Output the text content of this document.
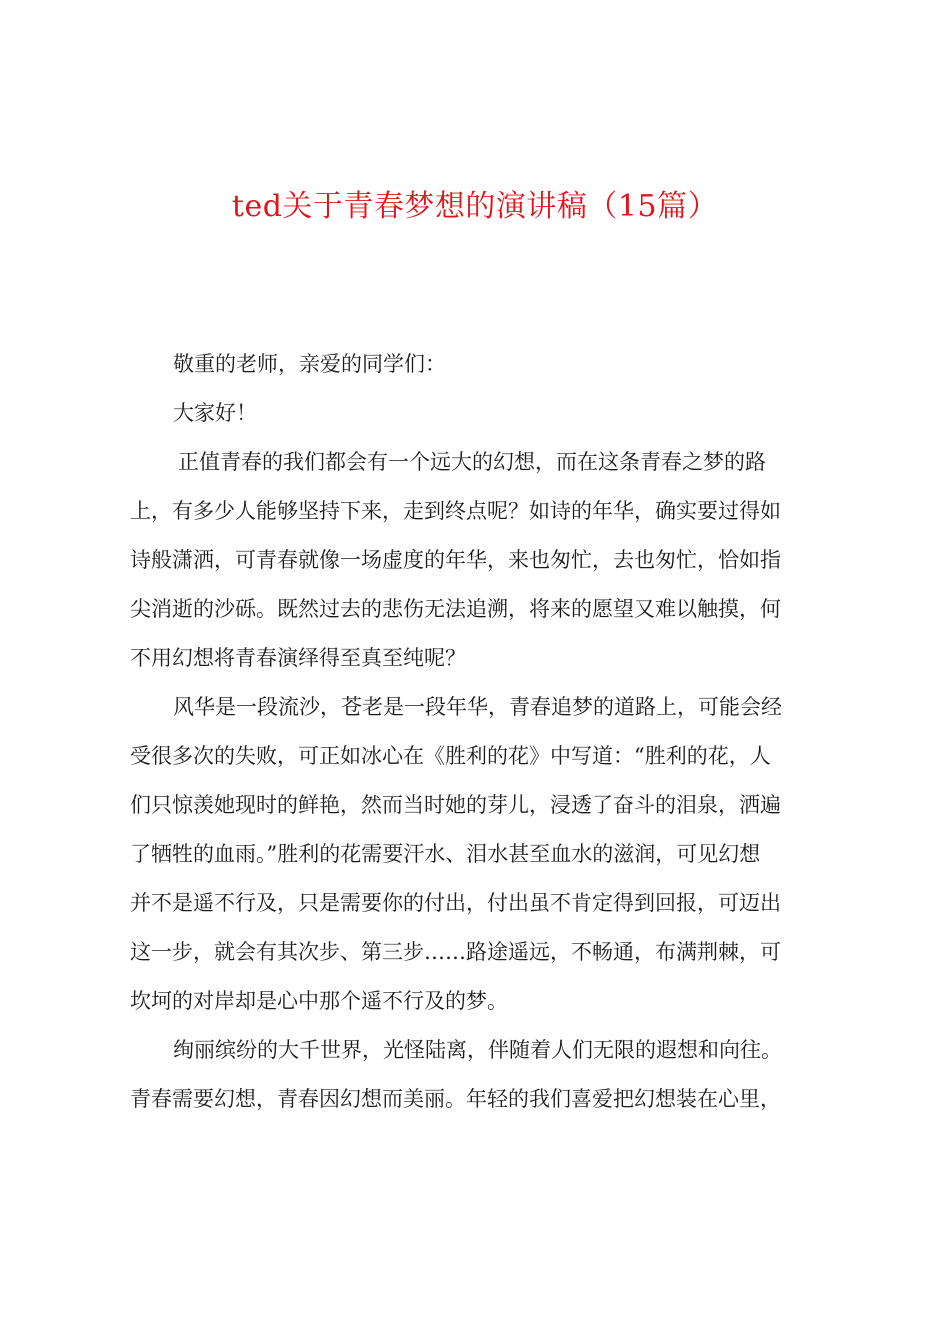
ted关于青春梦想的演讲稿（15篇）
敬重的老师，亲爱的同学们：
大家好！
正值青春的我们都会有一个远大的幻想，而在这条青春之梦的路
上，有多少人能够坚持下来，走到终点呢？如诗的年华，确实要过得如
诗般潇洒，可青春就像一场虚度的年华，来也匆忙，去也匆忙，恰如指
尖消逝的沙砾。既然过去的悲伤无法追溯，将来的愿望又难以触摸，何
不用幻想将青春演绎得至真至纯呢？
风华是一段流沙，苍老是一段年华，青春追梦的道路上，可能会经
受很多次的失败，可正如冰心在《胜利的花》中写道：“胜利的花，人
们只惊羡她现时的鲜艳，然而当时她的芽儿，浸透了奋斗的泪泉，洒遍
了牺牲的血雨。”胜利的花需要汗水、泪水甚至血水的滋润，可见幻想
并不是遥不行及，只是需要你的付出，付出虽不肯定得到回报，可迈出
这一步，就会有其次步、第三步……路途遥远，不畅通，布满荆棘，可
坎坷的对岸却是心中那个遥不行及的梦。
绚丽缤纷的大千世界，光怪陆离，伴随着人们无限的遐想和向往。
青春需要幻想，青春因幻想而美丽。年轻的我们喜爱把幻想装在心里，
